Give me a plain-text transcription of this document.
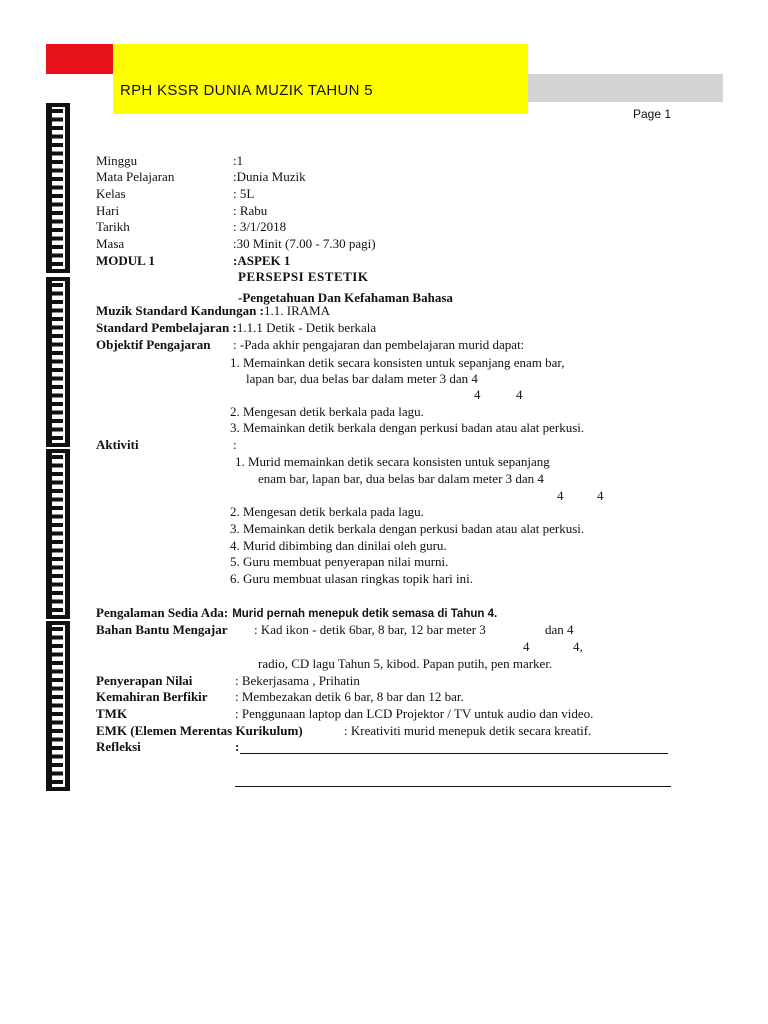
RPH KSSR DUNIA MUZIK TAHUN 5
Page 1
Minggu	:1
Mata Pelajaran	:Dunia Muzik
Kelas	: 5L
Hari	: Rabu
Tarikh	: 3/1/2018
Masa	:30 Minit (7.00 - 7.30 pagi)
MODUL 1	:ASPEK 1
PERSEPSI ESTETIK
-Pengetahuan Dan Kefahaman Bahasa
Muzik Standard Kandungan :1.1. IRAMA
Standard Pembelajaran :1.1.1 Detik - Detik berkala
Objektif Pengajaran : -Pada akhir pengajaran dan pembelajaran murid dapat:
1. Memainkan detik secara konsisten untuk sepanjang enam bar,
lapan bar, dua belas bar dalam meter 3 dan 4
4	4
2. Mengesan detik berkala pada lagu.
3. Memainkan detik berkala dengan perkusi badan atau alat perkusi.
Aktiviti	:
1. Murid memainkan detik secara konsisten untuk sepanjang
enam bar, lapan bar, dua belas bar dalam meter 3 dan 4
4	4
2. Mengesan detik berkala pada lagu.
3. Memainkan detik berkala dengan perkusi badan atau alat perkusi.
4. Murid dibimbing dan dinilai oleh guru.
5. Guru membuat penyerapan nilai murni.
6. Guru membuat ulasan ringkas topik hari ini.
Pengalaman Sedia Ada: Murid pernah menepuk detik semasa di Tahun 4.
Bahan Bantu Mengajar : Kad ikon - detik 6bar, 8 bar, 12 bar meter 3	dan 4
4	4,
radio, CD lagu Tahun 5, kibod. Papan putih, pen marker.
Penyerapan Nilai	: Bekerjasama , Prihatin
Kemahiran Berfikir : Membezakan detik 6 bar, 8 bar dan 12 bar.
TMK	: Penggunaan laptop dan LCD Projektor / TV untuk audio dan video.
EMK (Elemen Merentas Kurikulum)	: Kreativiti murid menepuk detik secara kreatif.
Refleksi	:
